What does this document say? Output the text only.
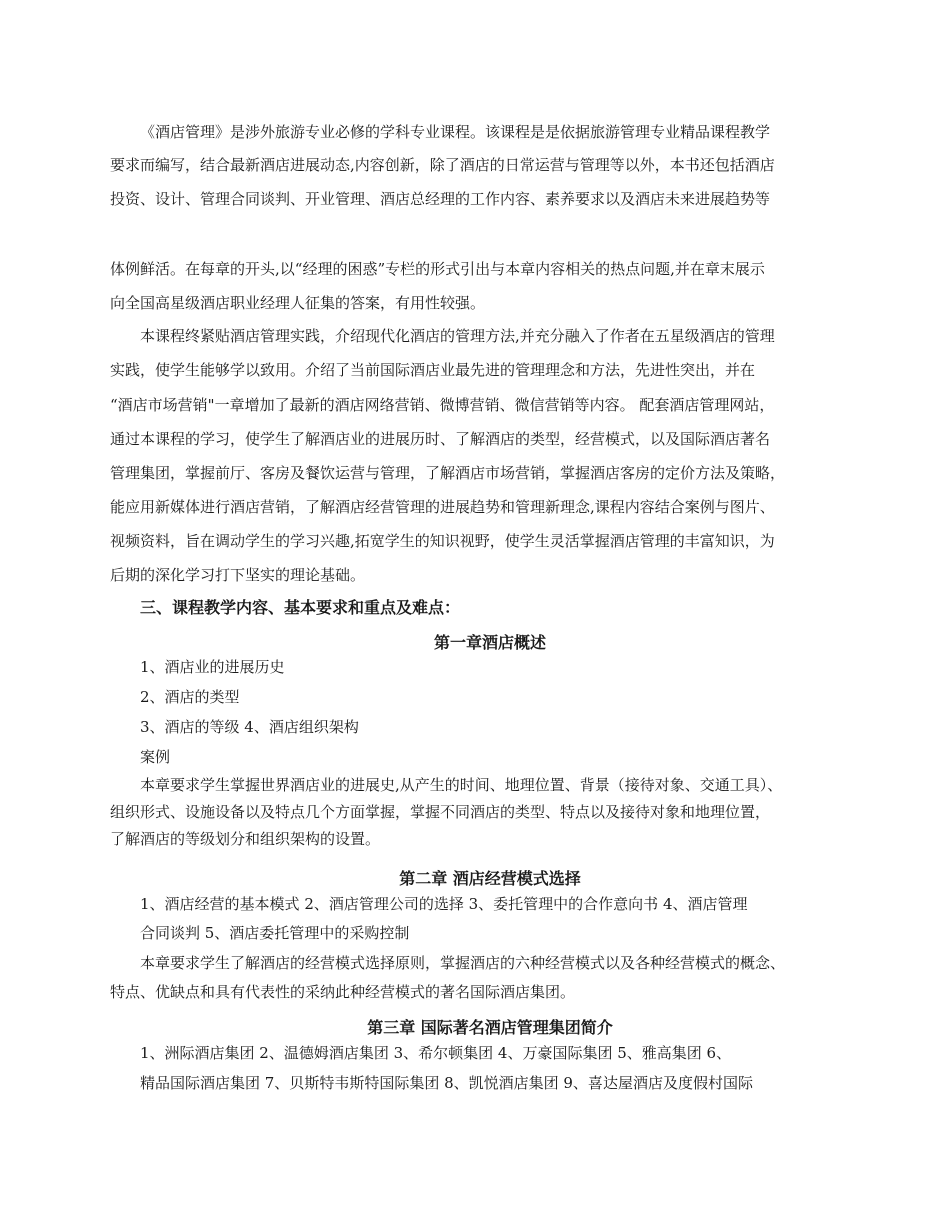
《酒店管理》是涉外旅游专业必修的学科专业课程。该课程是是依据旅游管理专业精品课程教学
要求而编写，结合最新酒店进展动态,内容创新，除了酒店的日常运营与管理等以外，本书还包括酒店
投资、设计、管理合同谈判、开业管理、酒店总经理的工作内容、素养要求以及酒店未来进展趋势等
体例鲜活。在每章的开头,以“经理的困惑”专栏的形式引出与本章内容相关的热点问题,并在章末展示
向全国高星级酒店职业经理人征集的答案，有用性较强。
本课程终紧贴酒店管理实践，介绍现代化酒店的管理方法,并充分融入了作者在五星级酒店的管理
实践，使学生能够学以致用。介绍了当前国际酒店业最先进的管理理念和方法，先进性突出，并在
“酒店市场营销"一章增加了最新的酒店网络营销、微博营销、微信营销等内容。 配套酒店管理网站，
通过本课程的学习，使学生了解酒店业的进展历时、了解酒店的类型，经营模式，以及国际酒店著名
管理集团，掌握前厅、客房及餐饮运营与管理，了解酒店市场营销，掌握酒店客房的定价方法及策略，
能应用新媒体进行酒店营销，了解酒店经营管理的进展趋势和管理新理念,课程内容结合案例与图片、
视频资料，旨在调动学生的学习兴趣,拓宽学生的知识视野，使学生灵活掌握酒店管理的丰富知识，为
后期的深化学习打下坚实的理论基础。
三、课程教学内容、基本要求和重点及难点：
第一章酒店概述
1、酒店业的进展历史
2、酒店的类型
3、酒店的等级 4、酒店组织架构
案例
本章要求学生掌握世界酒店业的进展史,从产生的时间、地理位置、背景（接待对象、交通工具）、
组织形式、设施设备以及特点几个方面掌握，掌握不同酒店的类型、特点以及接待对象和地理位置，
了解酒店的等级划分和组织架构的设置。
第二章 酒店经营模式选择
1、酒店经营的基本模式 2、酒店管理公司的选择 3、委托管理中的合作意向书 4、酒店管理
合同谈判 5、酒店委托管理中的采购控制
本章要求学生了解酒店的经营模式选择原则，掌握酒店的六种经营模式以及各种经营模式的概念、
特点、优缺点和具有代表性的采纳此种经营模式的著名国际酒店集团。
第三章 国际著名酒店管理集团简介
1、洲际酒店集团 2、温德姆酒店集团 3、希尔顿集团 4、万豪国际集团 5、雅高集团 6、
精品国际酒店集团 7、贝斯特韦斯特国际集团 8、凯悦酒店集团 9、喜达屋酒店及度假村国际
